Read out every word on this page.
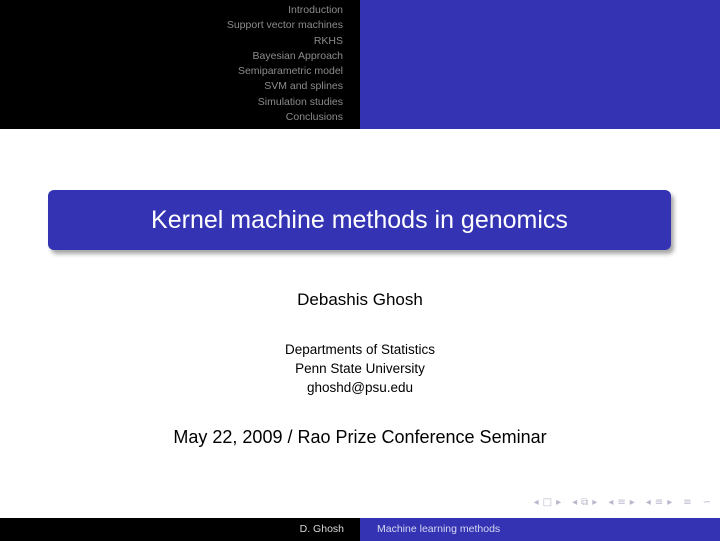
Introduction
Support vector machines
RKHS
Bayesian Approach
Semiparametric model
SVM and splines
Simulation studies
Conclusions
Kernel machine methods in genomics
Debashis Ghosh
Departments of Statistics
Penn State University
ghoshd@psu.edu
May 22, 2009 / Rao Prize Conference Seminar
◂ □ ▸ ◂ ⧉ ▸ ◂ ≡ ▸ ◂ ≡ ▸ ≡ ∽
D. Ghosh	Machine learning methods
